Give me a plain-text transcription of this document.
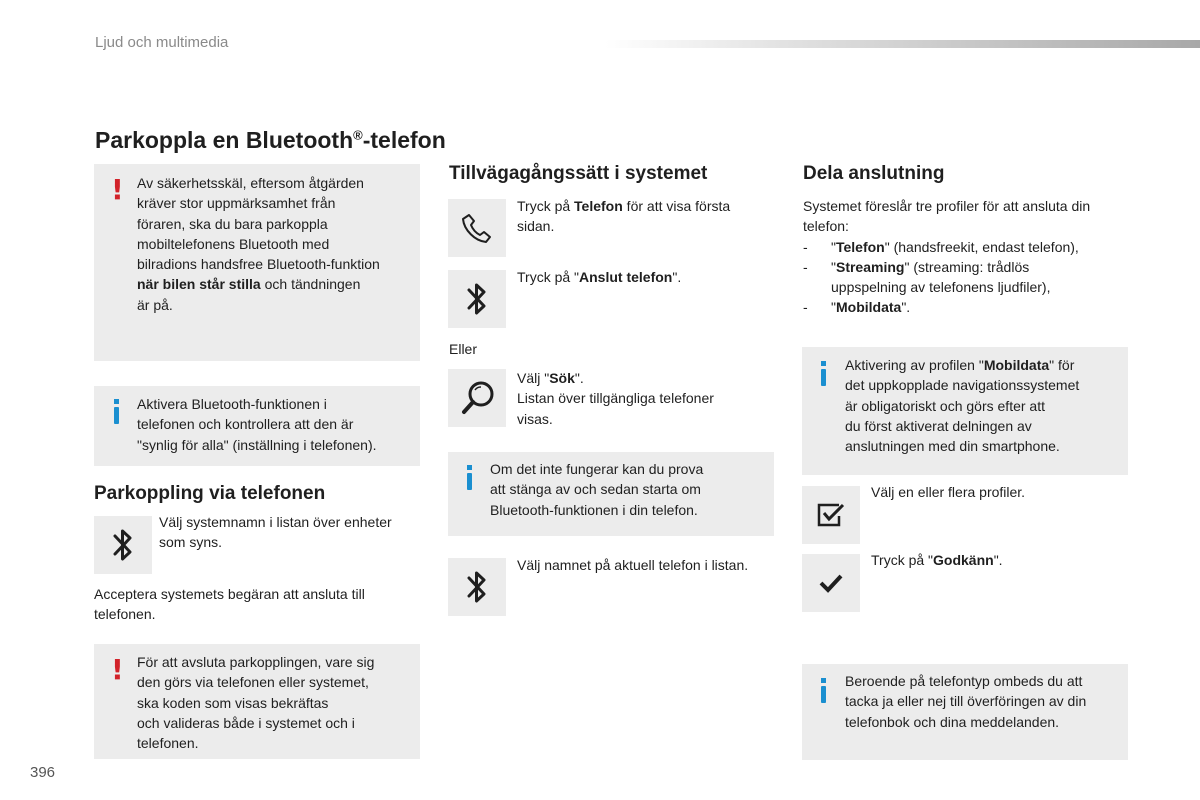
Ljud och multimedia
Parkoppla en Bluetooth®-telefon
! Av säkerhetsskäl, eftersom åtgärden
kräver stor uppmärksamhet från
föraren, ska du bara parkoppla
mobiltelefonens Bluetooth med
bilradions handsfree Bluetooth-funktion
när bilen står stilla och tändningen
är på.
Aktivera Bluetooth-funktionen i
telefonen och kontrollera att den är
"synlig för alla" (inställning i telefonen).
Parkoppling via telefonen
Välj systemnamn i listan över enheter
som syns.
Acceptera systemets begäran att ansluta till
telefonen.
! För att avsluta parkopplingen, vare sig
den görs via telefonen eller systemet,
ska koden som visas bekräftas
och valideras både i systemet och i
telefonen.
Tillvägagångssätt i systemet
Tryck på Telefon för att visa första
sidan.
Tryck på "Anslut telefon".
Eller
Välj "Sök".
Listan över tillgängliga telefoner
visas.
Om det inte fungerar kan du prova
att stänga av och sedan starta om
Bluetooth-funktionen i din telefon.
Välj namnet på aktuell telefon i listan.
Dela anslutning
Systemet föreslår tre profiler för att ansluta din
telefon:
-	"Telefon" (handsfreekit, endast telefon),
-	"Streaming" (streaming: trådlös
uppspelning av telefonens ljudfiler),
-	"Mobildata".
Aktivering av profilen "Mobildata" för
det uppkopplade navigationssystemet
är obligatoriskt och görs efter att
du först aktiverat delningen av
anslutningen med din smartphone.
Välj en eller flera profiler.
Tryck på "Godkänn".
Beroende på telefontyp ombeds du att
tacka ja eller nej till överföringen av din
telefonbok och dina meddelanden.
396
